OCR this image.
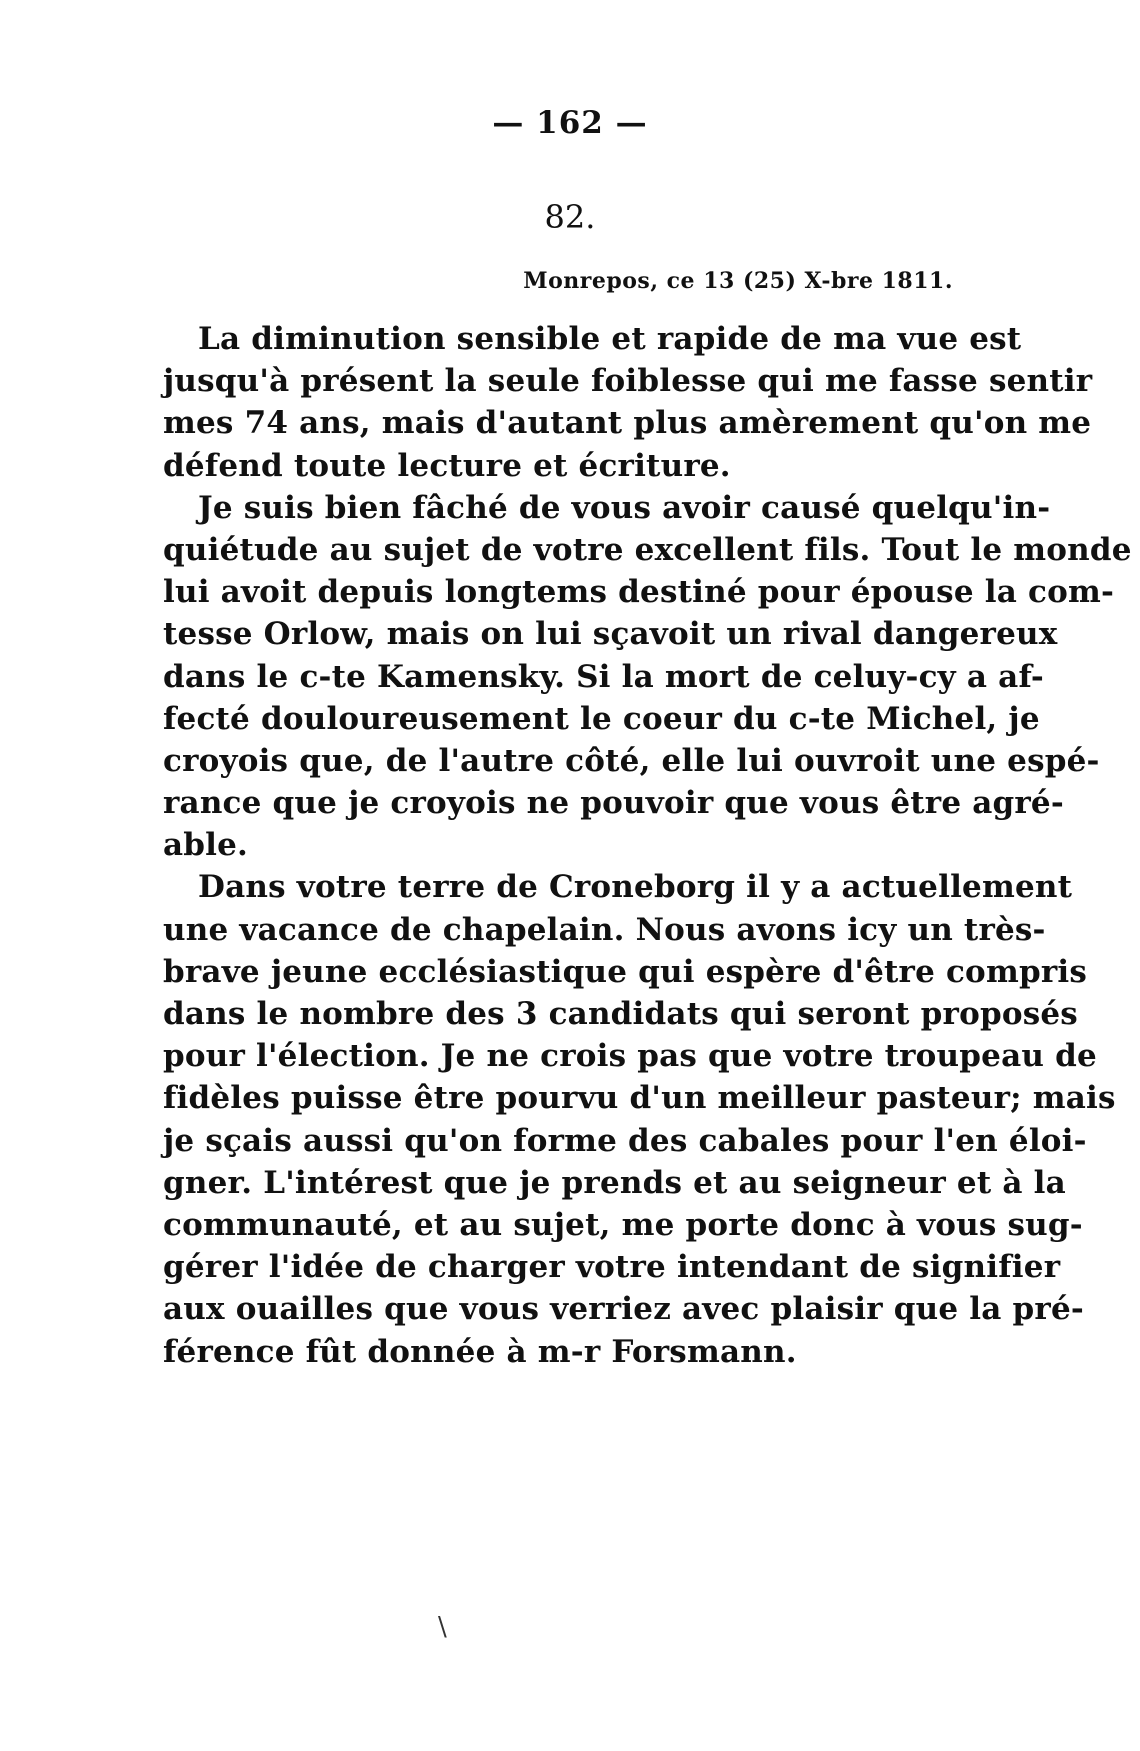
— 162 —
82.
Monrepos, ce 13 (25) X-bre 1811.
La diminution sensible et rapide de ma vue est
jusqu'à présent la seule foiblesse qui me fasse sentir
mes 74 ans, mais d'autant plus amèrement qu'on me
défend toute lecture et écriture.
Je suis bien fâché de vous avoir causé quelqu'in-
quiétude au sujet de votre excellent fils. Tout le monde
lui avoit depuis longtems destiné pour épouse la com-
tesse Orlow, mais on lui sçavoit un rival dangereux
dans le c-te Kamensky. Si la mort de celuy-cy a af-
fecté douloureusement le coeur du c-te Michel, je
croyois que, de l'autre côté, elle lui ouvroit une espé-
rance que je croyois ne pouvoir que vous être agré-
able.
Dans votre terre de Croneborg il y a actuellement
une vacance de chapelain. Nous avons icy un très-
brave jeune ecclésiastique qui espère d'être compris
dans le nombre des 3 candidats qui seront proposés
pour l'élection. Je ne crois pas que votre troupeau de
fidèles puisse être pourvu d'un meilleur pasteur; mais
je sçais aussi qu'on forme des cabales pour l'en éloi-
gner. L'intérest que je prends et au seigneur et à la
communauté, et au sujet, me porte donc à vous sug-
gérer l'idée de charger votre intendant de signifier
aux ouailles que vous verriez avec plaisir que la pré-
férence fût donnée à m-r Forsmann.
\
